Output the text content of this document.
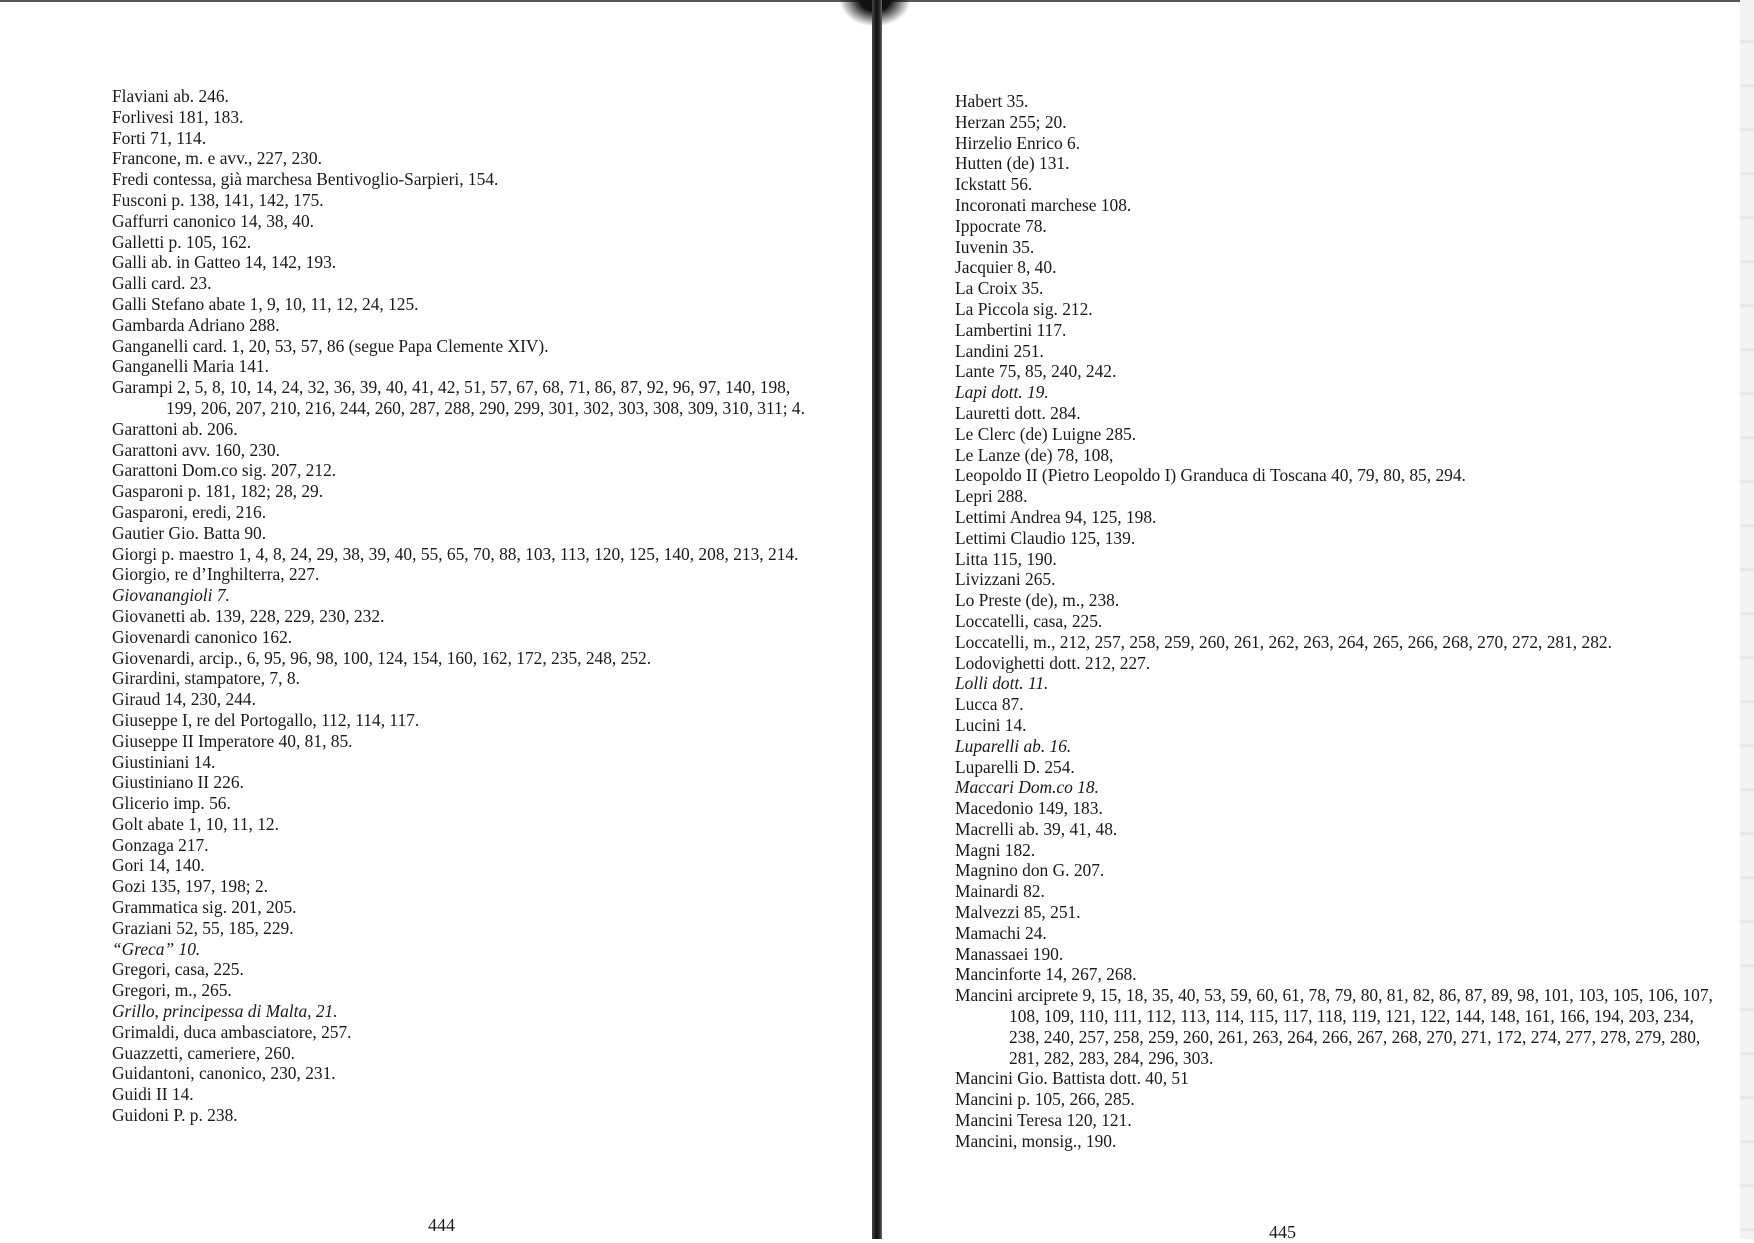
Flaviani ab. 246.
Forlivesi 181, 183.
Forti 71, 114.
Francone, m. e avv., 227, 230.
Fredi contessa, già marchesa Bentivoglio-Sarpieri, 154.
Fusconi p. 138, 141, 142, 175.
Gaffurri canonico 14, 38, 40.
Galletti p. 105, 162.
Galli ab. in Gatteo 14, 142, 193.
Galli card. 23.
Galli Stefano abate 1, 9, 10, 11, 12, 24, 125.
Gambarda Adriano 288.
Ganganelli card. 1, 20, 53, 57, 86 (segue Papa Clemente XIV).
Ganganelli Maria 141.
Garampi 2, 5, 8, 10, 14, 24, 32, 36, 39, 40, 41, 42, 51, 57, 67, 68, 71, 86, 87, 92, 96, 97, 140, 198, 199, 206, 207, 210, 216, 244, 260, 287, 288, 290, 299, 301, 302, 303, 308, 309, 310, 311; 4.
Garattoni ab. 206.
Garattoni avv. 160, 230.
Garattoni Dom.co sig. 207, 212.
Gasparoni p. 181, 182; 28, 29.
Gasparoni, eredi, 216.
Gautier Gio. Batta 90.
Giorgi p. maestro 1, 4, 8, 24, 29, 38, 39, 40, 55, 65, 70, 88, 103, 113, 120, 125, 140, 208, 213, 214.
Giorgio, re d’Inghilterra, 227.
Giovanangioli 7.
Giovanetti ab. 139, 228, 229, 230, 232.
Giovenardi canonico 162.
Giovenardi, arcip., 6, 95, 96, 98, 100, 124, 154, 160, 162, 172, 235, 248, 252.
Girardini, stampatore, 7, 8.
Giraud 14, 230, 244.
Giuseppe I, re del Portogallo, 112, 114, 117.
Giuseppe II Imperatore 40, 81, 85.
Giustiniani 14.
Giustiniano II 226.
Glicerio imp. 56.
Golt abate 1, 10, 11, 12.
Gonzaga 217.
Gori 14, 140.
Gozi 135, 197, 198; 2.
Grammatica sig. 201, 205.
Graziani 52, 55, 185, 229.
“Greca” 10.
Gregori, casa, 225.
Gregori, m., 265.
Grillo, principessa di Malta, 21.
Grimaldi, duca ambasciatore, 257.
Guazzetti, cameriere, 260.
Guidantoni, canonico, 230, 231.
Guidi II 14.
Guidoni P. p. 238.
444
Habert 35.
Herzan 255; 20.
Hirzelio Enrico 6.
Hutten (de) 131.
Ickstatt 56.
Incoronati marchese 108.
Ippocrate 78.
Iuvenin 35.
Jacquier 8, 40.
La Croix 35.
La Piccola sig. 212.
Lambertini 117.
Landini 251.
Lante 75, 85, 240, 242.
Lapi dott. 19.
Lauretti dott. 284.
Le Clerc (de) Luigne 285.
Le Lanze (de) 78, 108,
Leopoldo II (Pietro Leopoldo I) Granduca di Toscana 40, 79, 80, 85, 294.
Lepri 288.
Lettimi Andrea 94, 125, 198.
Lettimi Claudio 125, 139.
Litta 115, 190.
Livizzani 265.
Lo Preste (de), m., 238.
Loccatelli, casa, 225.
Loccatelli, m., 212, 257, 258, 259, 260, 261, 262, 263, 264, 265, 266, 268, 270, 272, 281, 282.
Lodovighetti dott. 212, 227.
Lolli dott. 11.
Lucca 87.
Lucini 14.
Luparelli ab. 16.
Luparelli D. 254.
Maccari Dom.co 18.
Macedonio 149, 183.
Macrelli ab. 39, 41, 48.
Magni 182.
Magnino don G. 207.
Mainardi 82.
Malvezzi 85, 251.
Mamachi 24.
Manassaei 190.
Mancinforte 14, 267, 268.
Mancini arciprete 9, 15, 18, 35, 40, 53, 59, 60, 61, 78, 79, 80, 81, 82, 86, 87, 89, 98, 101, 103, 105, 106, 107, 108, 109, 110, 111, 112, 113, 114, 115, 117, 118, 119, 121, 122, 144, 148, 161, 166, 194, 203, 234, 238, 240, 257, 258, 259, 260, 261, 263, 264, 266, 267, 268, 270, 271, 172, 274, 277, 278, 279, 280, 281, 282, 283, 284, 296, 303.
Mancini Gio. Battista dott. 40, 51
Mancini p. 105, 266, 285.
Mancini Teresa 120, 121.
Mancini, monsig., 190.
445
